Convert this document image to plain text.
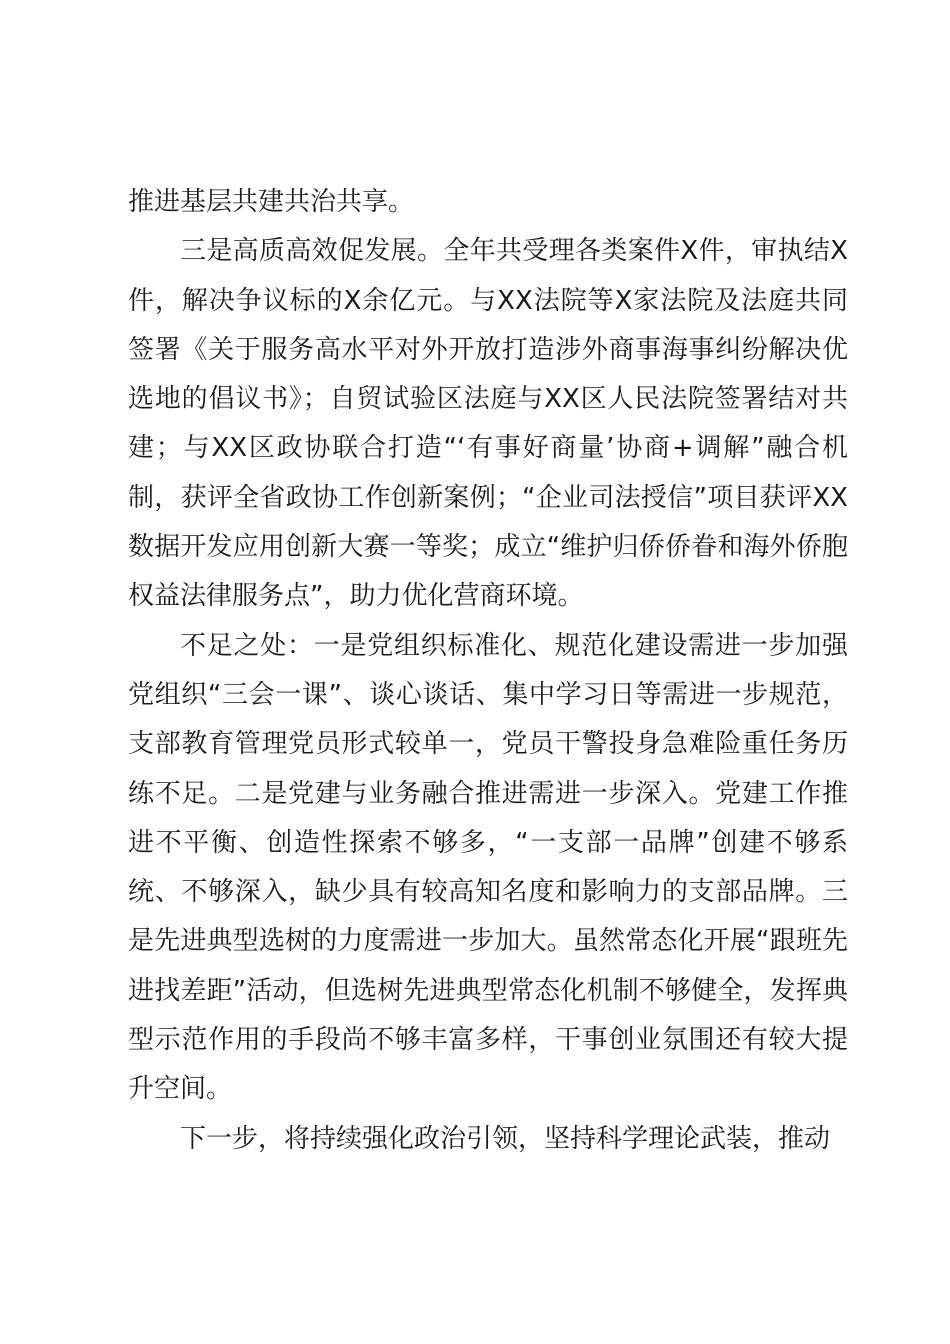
推进基层共建共治共享。

三是高质高效促发展。全年共受理各类案件X件，审执结X件，解决争议标的X余亿元。与XX法院等X家法院及法庭共同签署《关于服务高水平对外开放打造涉外商事海事纠纷解决优选地的倡议书》；自贸试验区法庭与XX区人民法院签署结对共建；与XX区政协联合打造“‘有事好商量’协商+调解”融合机制，获评全省政协工作创新案例；“企业司法授信”项目获评XX数据开发应用创新大赛一等奖；成立“维护归侨侨眷和海外侨胞权益法律服务点”，助力优化营商环境。

不足之处：一是党组织标准化、规范化建设需进一步加强党组织“三会一课”、谈心谈话、集中学习日等需进一步规范，支部教育管理党员形式较单一，党员干警投身急难险重任务历练不足。二是党建与业务融合推进需进一步深入。党建工作推进不平衡、创造性探索不够多，“一支部一品牌”创建不够系统、不够深入，缺少具有较高知名度和影响力的支部品牌。三是先进典型选树的力度需进一步加大。虽然常态化开展“跟班先进找差距”活动，但选树先进典型常态化机制不够健全，发挥典型示范作用的手段尚不够丰富多样，干事创业氛围还有较大提升空间。

下一步，将持续强化政治引领，坚持科学理论武装，推动
